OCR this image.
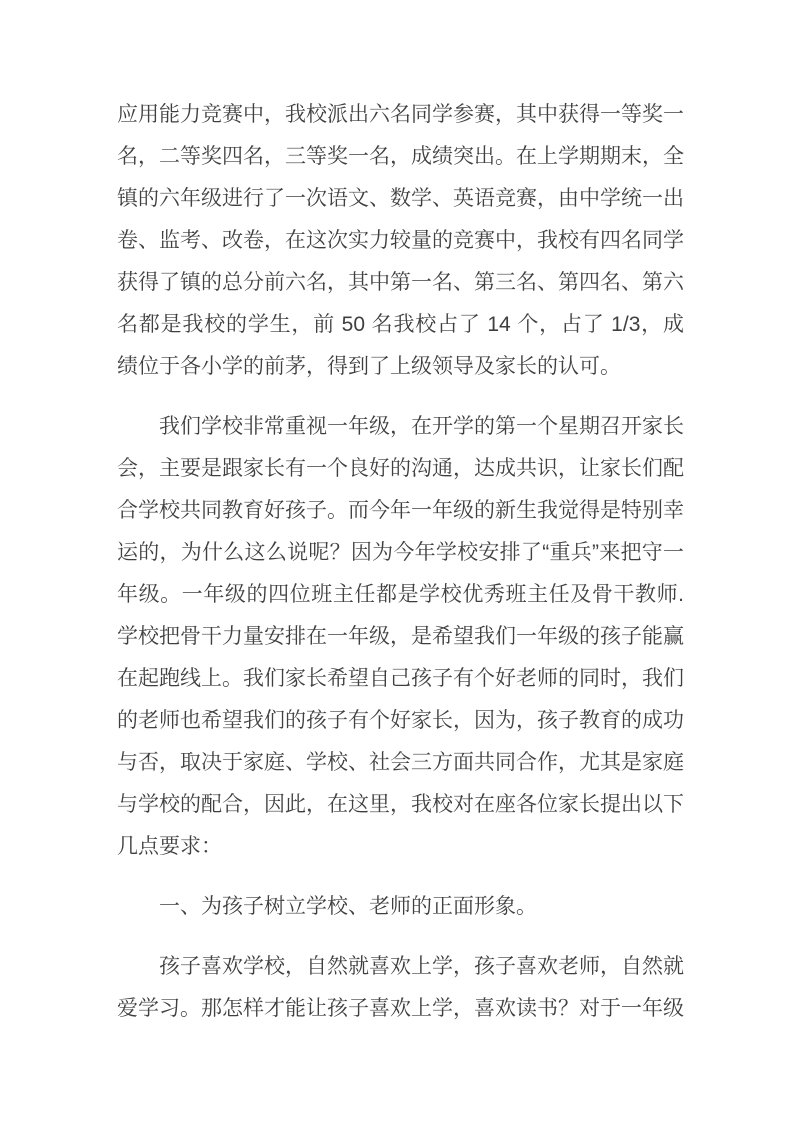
应用能力竞赛中，我校派出六名同学参赛，其中获得一等奖一名，二等奖四名，三等奖一名，成绩突出。在上学期期末，全镇的六年级进行了一次语文、数学、英语竞赛，由中学统一出卷、监考、改卷，在这次实力较量的竞赛中，我校有四名同学获得了镇的总分前六名，其中第一名、第三名、第四名、第六名都是我校的学生，前 50 名我校占了 14 个，占了 1/3，成绩位于各小学的前茅，得到了上级领导及家长的认可。

我们学校非常重视一年级，在开学的第一个星期召开家长会，主要是跟家长有一个良好的沟通，达成共识，让家长们配合学校共同教育好孩子。而今年一年级的新生我觉得是特别幸运的，为什么这么说呢？因为今年学校安排了“重兵”来把守一年级。一年级的四位班主任都是学校优秀班主任及骨干教师.学校把骨干力量安排在一年级，是希望我们一年级的孩子能赢在起跑线上。我们家长希望自己孩子有个好老师的同时，我们的老师也希望我们的孩子有个好家长，因为，孩子教育的成功与否，取决于家庭、学校、社会三方面共同合作，尤其是家庭与学校的配合，因此，在这里，我校对在座各位家长提出以下几点要求：

一、为孩子树立学校、老师的正面形象。

孩子喜欢学校，自然就喜欢上学，孩子喜欢老师，自然就爱学习。那怎样才能让孩子喜欢上学，喜欢读书？对于一年级
